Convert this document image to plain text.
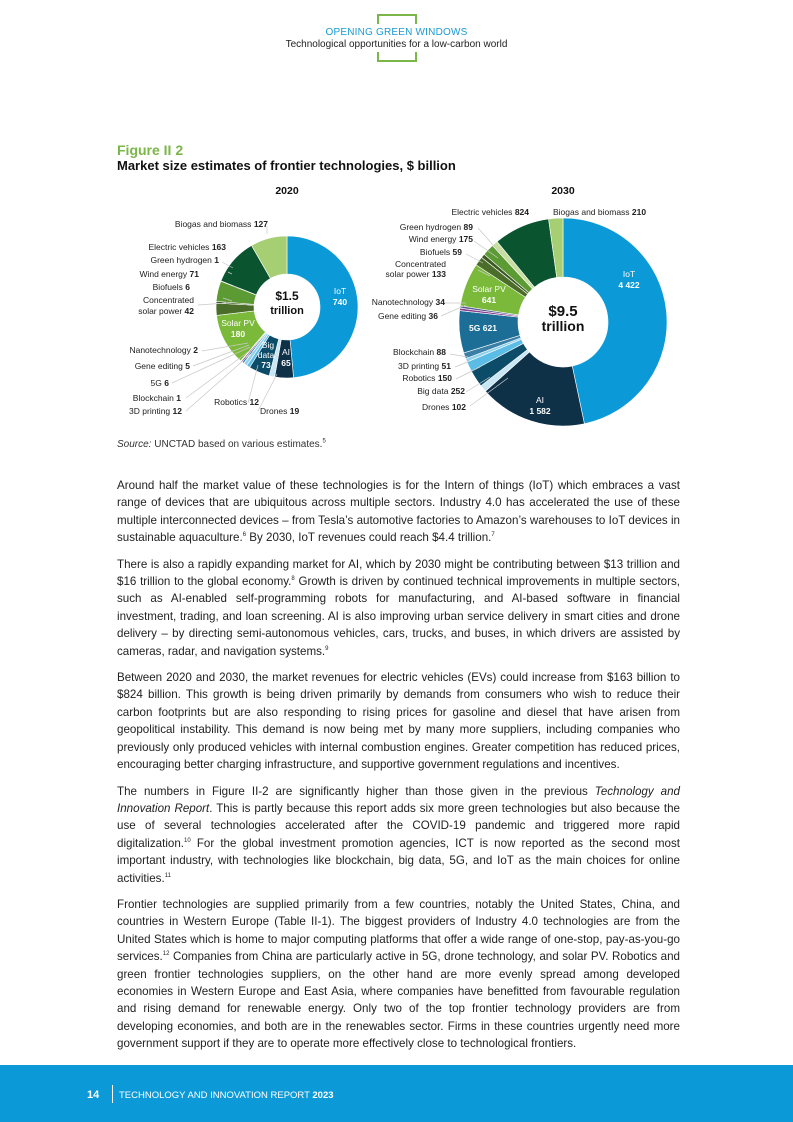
OPENING GREEN WINDOWS
Technological opportunities for a low-carbon world
Figure II 2
Market size estimates of frontier technologies, $ billion
2020	2030
Biogas and biomass 127
Electric vehicles 163
Green hydrogen 1
Wind energy 71
Biofuels 6
Concentrated
solar power 42
Nanotechnology 2
Gene editing 5
5G 6
Blockchain 1
3D printing 12
Robotics 12
Drones 19
IoT
740
Solar PV
180
Big
data
73
AI
65
$1.5
trillion
Electric vehicles 824	Biogas and biomass 210
Green hydrogen 89
Wind energy 175
Biofuels 59
Concentrated
solar power 133
Nanotechnology 34
Gene editing 36
Blockchain 88
3D printing 51
Robotics 150
Big data 252
Drones 102
IoT
4 422
Solar PV
641
5G 621
AI
1 582
$9.5
trillion
Source: UNCTAD based on various estimates.$^5$

Around half the market value of these technologies is for the Intern of things (IoT) which embraces a vast range of devices that are ubiquitous across multiple sectors. Industry 4.0 has accelerated the use of these multiple interconnected devices – from Tesla’s automotive factories to Amazon’s warehouses to IoT devices in sustainable aquaculture.$^6$ By 2030, IoT revenues could reach $4.4 trillion.$^7$

There is also a rapidly expanding market for AI, which by 2030 might be contributing between $13 trillion and $16 trillion to the global economy.$^8$ Growth is driven by continued technical improvements in multiple sectors, such as AI-enabled self-programming robots for manufacturing, and AI-based software in financial investment, trading, and loan screening. AI is also improving urban service delivery in smart cities and drone delivery – by directing semi-autonomous vehicles, cars, trucks, and buses, in which drivers are assisted by cameras, radar, and navigation systems.$^9$

Between 2020 and 2030, the market revenues for electric vehicles (EVs) could increase from $163 billion to $824 billion. This growth is being driven primarily by demands from consumers who wish to reduce their carbon footprints but are also responding to rising prices for gasoline and diesel that have arisen from geopolitical instability. This demand is now being met by many more suppliers, including companies who previously only produced vehicles with internal combustion engines. Greater competition has reduced prices, encouraging better charging infrastructure, and supportive government regulations and incentives.

The numbers in Figure II-2 are significantly higher than those given in the previous Technology and Innovation Report. This is partly because this report adds six more green technologies but also because the use of several technologies accelerated after the COVID-19 pandemic and triggered more rapid digitalization.$^{10}$ For the global investment promotion agencies, ICT is now reported as the second most important industry, with technologies like blockchain, big data, 5G, and IoT as the main choices for online activities.$^{11}$

Frontier technologies are supplied primarily from a few countries, notably the United States, China, and countries in Western Europe (Table II-1). The biggest providers of Industry 4.0 technologies are from the United States which is home to major computing platforms that offer a wide range of one-stop, pay-as-you-go services.$^{12}$ Companies from China are particularly active in 5G, drone technology, and solar PV. Robotics and green frontier technologies suppliers, on the other hand are more evenly spread among developed economies in Western Europe and East Asia, where companies have benefitted from favourable regulation and rising demand for renewable energy. Only two of the top frontier technology providers are from developing economies, and both are in the renewables sector. Firms in these countries urgently need more government support if they are to operate more effectively close to technological frontiers.

14 TECHNOLOGY AND INNOVATION REPORT 2023
